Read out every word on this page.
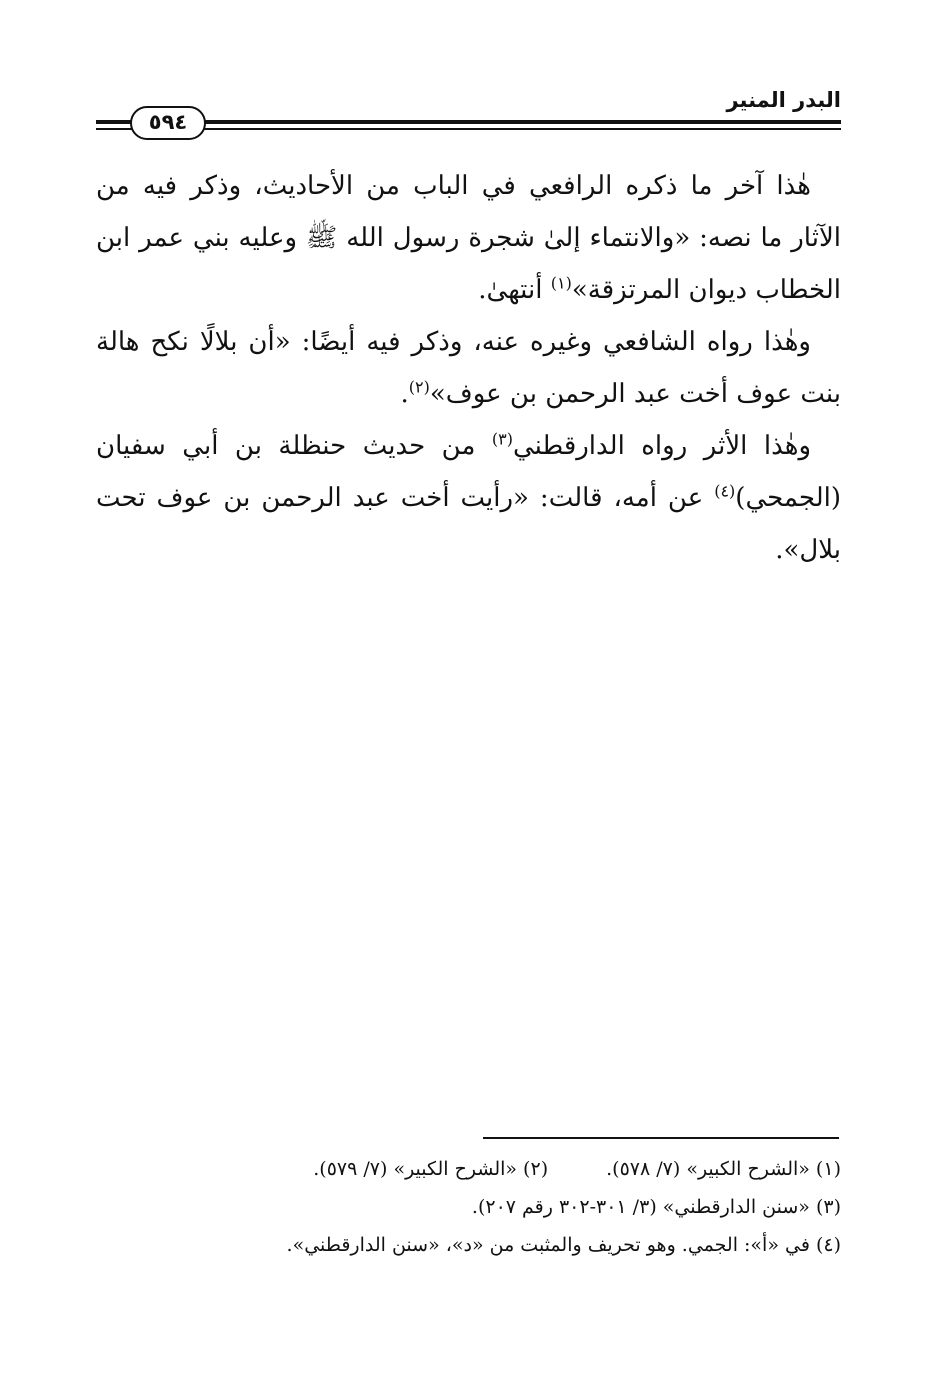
البدر المنير
٥٩٤

هٰذا آخر ما ذكره الرافعي في الباب من الأحاديث، وذكر فيه من الآثار ما نصه: «والانتماء إلىٰ شجرة رسول الله ﷺ وعليه بني عمر ابن الخطاب ديوان المرتزقة»$^{(١)}$ أنتهىٰ.

وهٰذا رواه الشافعي وغيره عنه، وذكر فيه أيضًا: «أن بلالًا نكح هالة بنت عوف أخت عبد الرحمن بن عوف»$^{(٢)}$.

وهٰذا الأثر رواه الدارقطني$^{(٣)}$ من حديث حنظلة بن أبي سفيان (الجمحي)$^{(٤)}$ عن أمه، قالت: «رأيت أخت عبد الرحمن بن عوف تحت بلال».

(١) «الشرح الكبير» (٧/ ٥٧٨).(٢) «الشرح الكبير» (٧/ ٥٧٩).

(٣) «سنن الدارقطني» (٣/ ٣٠١-٣٠٢ رقم ٢٠٧).

(٤) في «أ»: الجمي. وهو تحريف والمثبت من «د»، «سنن الدارقطني».
